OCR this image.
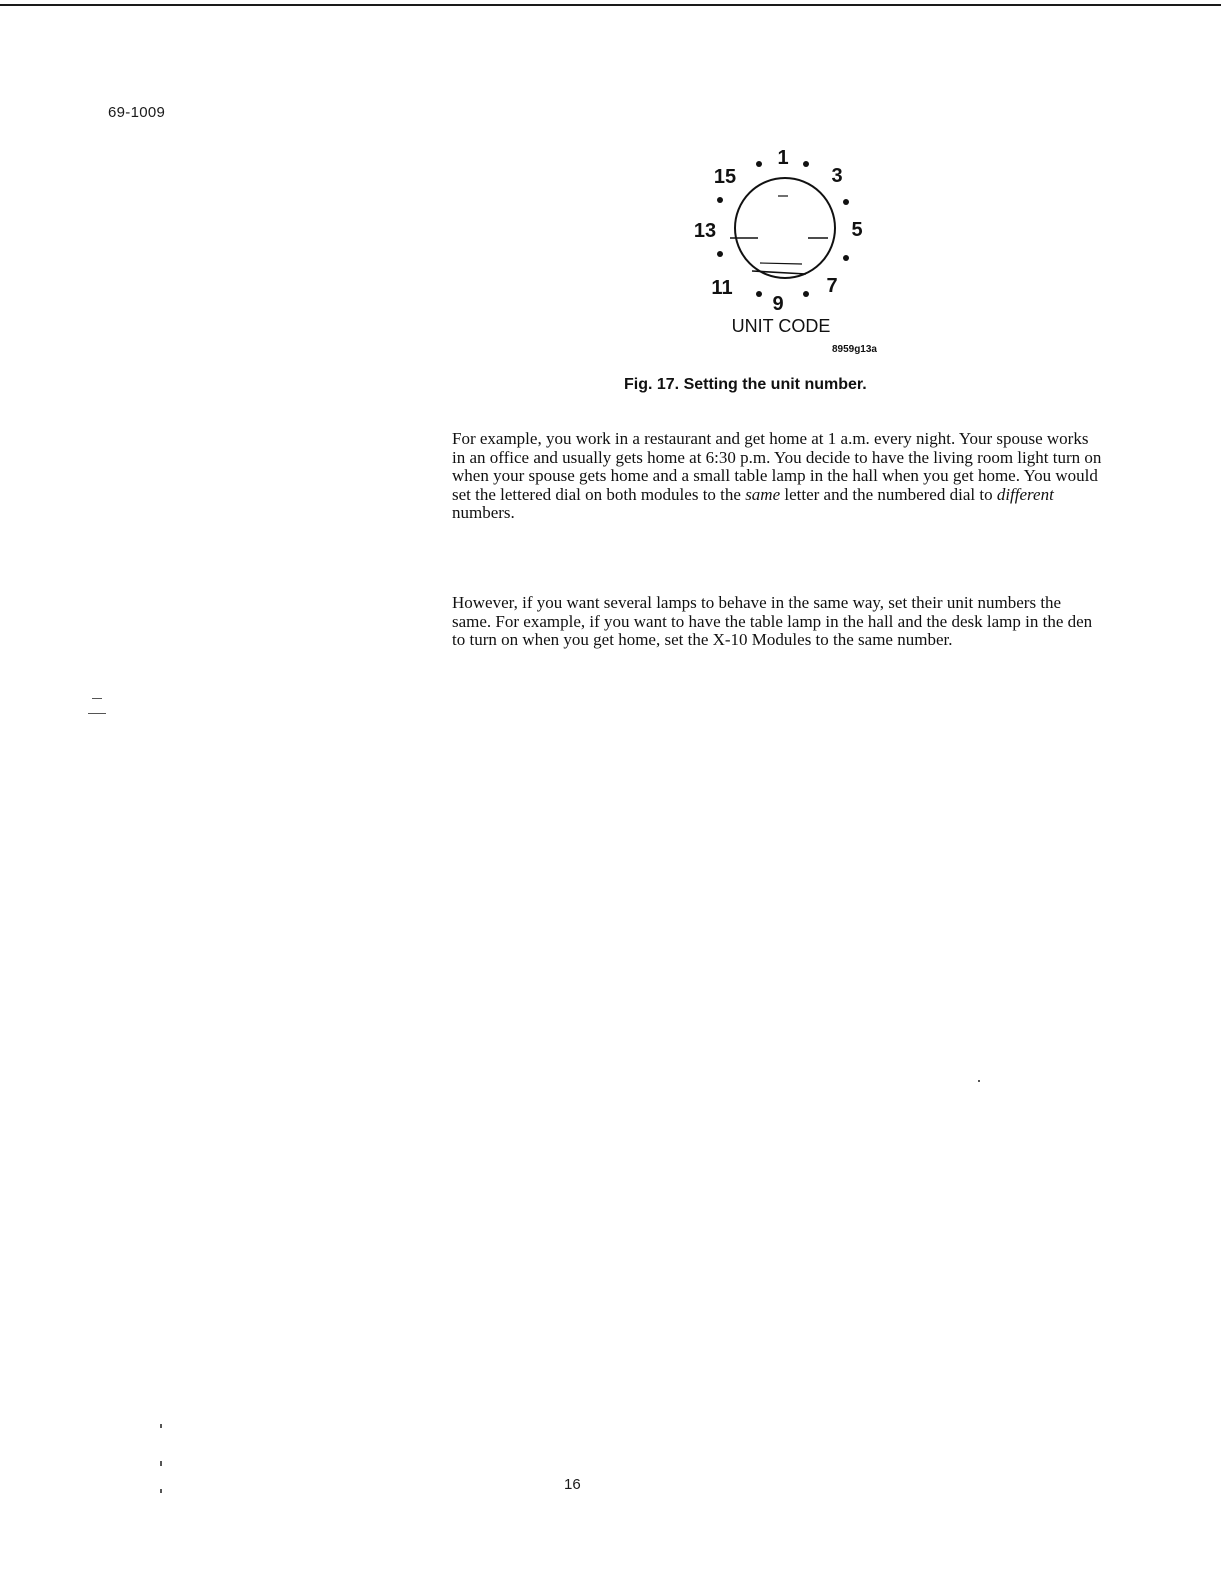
69-1009
1
3
5
7
9
11
13
15
UNIT CODE
8959g13a
Fig. 17. Setting the unit number.

For example, you work in a restaurant and get home at 1 a.m. every night. Your spouse works in an office and usually gets home at 6:30 p.m. You decide to have the living room light turn on when your spouse gets home and a small table lamp in the hall when you get home. You would set the lettered dial on both modules to the same letter and the numbered dial to different numbers.

However, if you want several lamps to behave in the same way, set their unit numbers the same. For example, if you want to have the table lamp in the hall and the desk lamp in the den to turn on when you get home, set the X-10 Modules to the same number.

16
